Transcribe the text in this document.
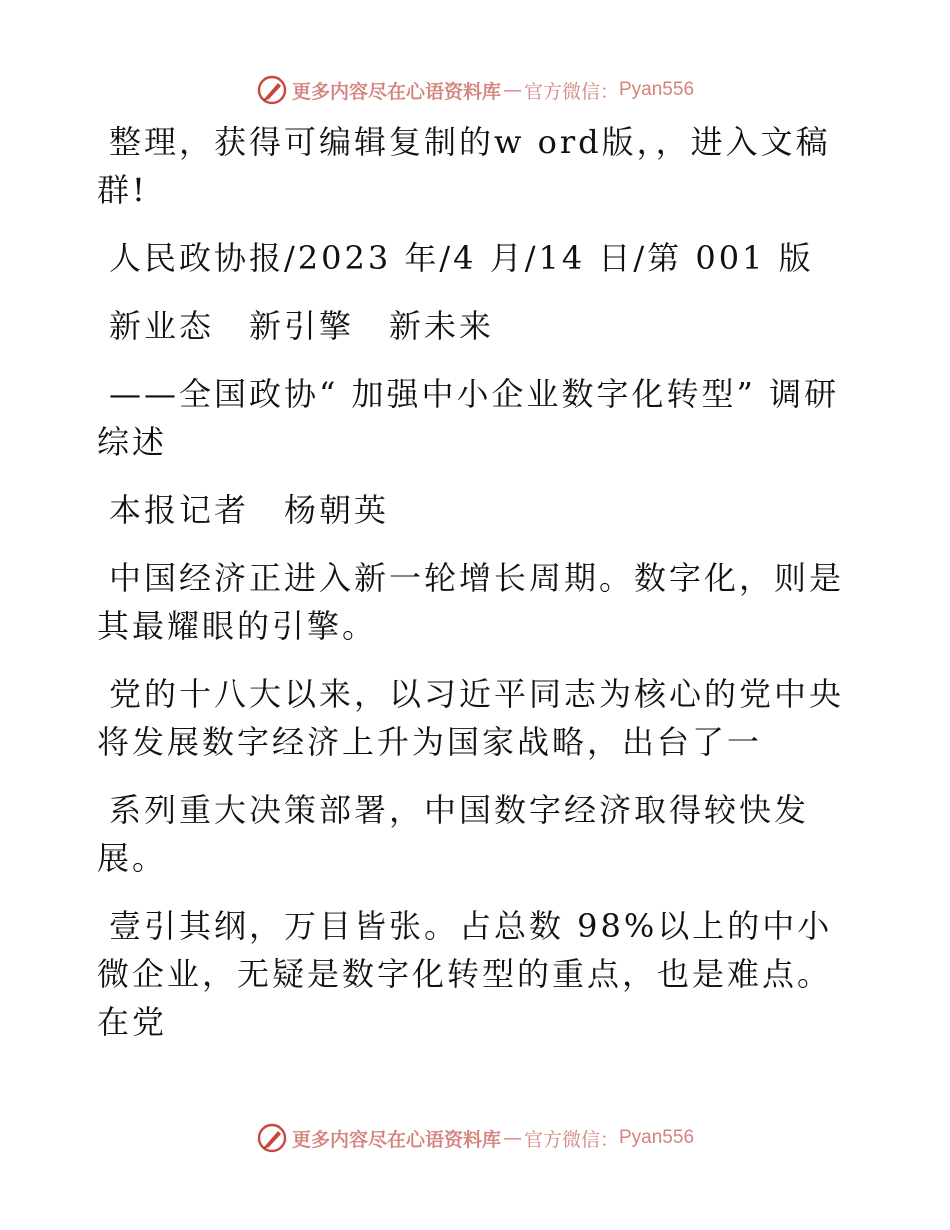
更多内容尽在心语资料库 — 官方微信： Pyan556

整理，获得可编辑复制的w ord版，，进入文稿群!

人民政协报/2023 年/4 月/14 日/第 001 版

新业态　新引擎　新未来

——全国政协“ 加强中小企业数字化转型” 调研综述

本报记者　杨朝英

中国经济正进入新一轮增长周期。数字化，则是其最耀眼的引擎。

党的十八大以来，以习近平同志为核心的党中央将发展数字经济上升为国家战略，出台了一

系列重大决策部署，中国数字经济取得较快发展。

壹引其纲，万目皆张。占总数 98%以上的中小微企业，无疑是数字化转型的重点，也是难点。在党

更多内容尽在心语资料库 — 官方微信： Pyan556
